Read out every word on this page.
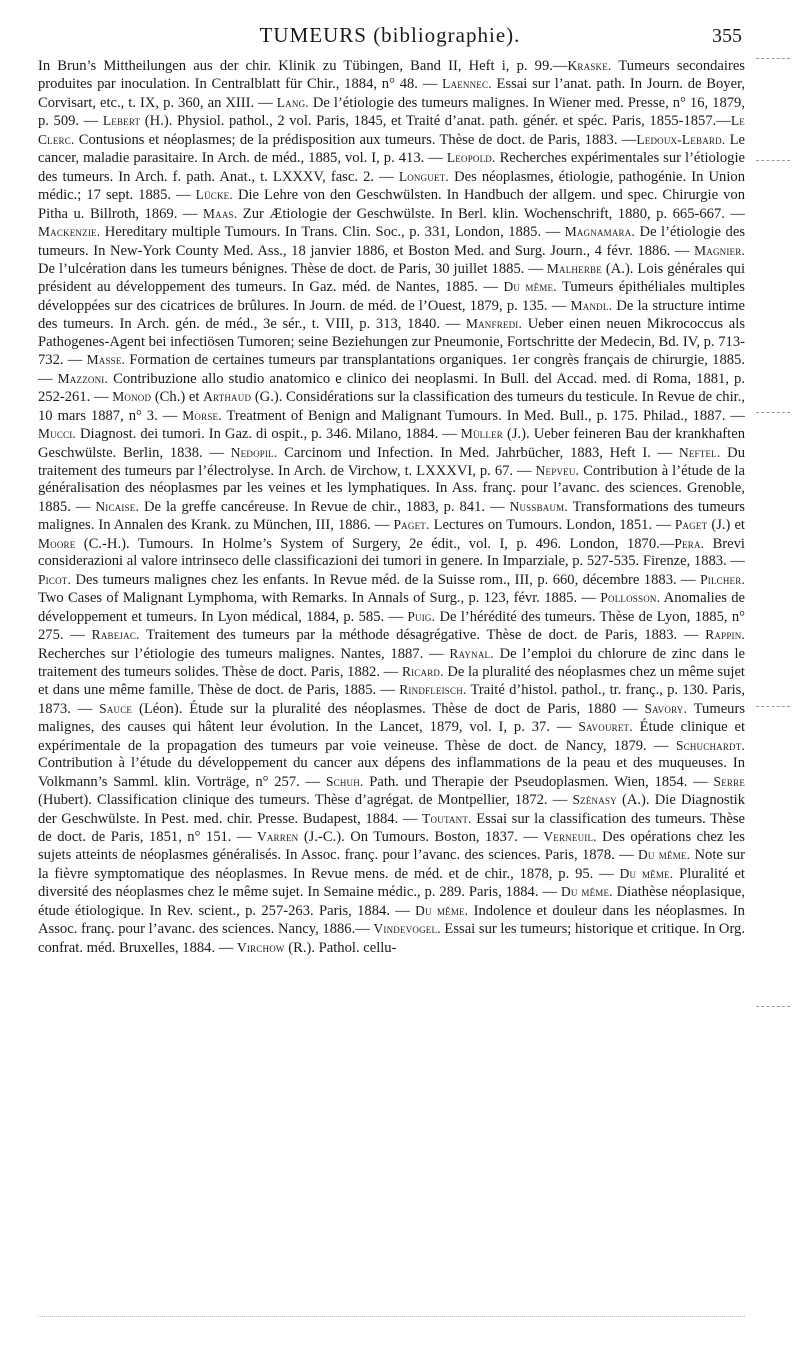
TUMEURS (bibliographie).	355

In Brun’s Mittheilungen aus der chir. Klinik zu Tübingen, Band II, Heft i, p. 99.—Kraske. Tumeurs secondaires produites par inoculation. In Centralblatt für Chir., 1884, n° 48. — Laennec. Essai sur l’anat. path. In Journ. de Boyer, Corvisart, etc., t. IX, p. 360, an XIII. — Lang. De l’étiologie des tumeurs malignes. In Wiener med. Presse, n° 16, 1879, p. 509. — Lebert (H.). Physiol. pathol., 2 vol. Paris, 1845, et Traité d’anat. path. génér. et spéc. Paris, 1855-1857.—Le Clerc. Contusions et néoplasmes; de la prédisposition aux tumeurs. Thèse de doct. de Paris, 1883. —Ledoux-Lebard. Le cancer, maladie parasitaire. In Arch. de méd., 1885, vol. I, p. 413. — Leopold. Recherches expérimentales sur l’étiologie des tumeurs. In Arch. f. path. Anat., t. LXXXV, fasc. 2. — Longuet. Des néoplasmes, étiologie, pathogénie. In Union médic.; 17 sept. 1885. — Lücke. Die Lehre von den Geschwülsten. In Handbuch der allgem. und spec. Chirurgie von Pitha u. Billroth, 1869. — Maas. Zur Ætiologie der Geschwülste. In Berl. klin. Wochenschrift, 1880, p. 665-667. — Mackenzie. Hereditary multiple Tumours. In Trans. Clin. Soc., p. 331, London, 1885. — Magnamara. De l’étiologie des tumeurs. In New-York County Med. Ass., 18 janvier 1886, et Boston Med. and Surg. Journ., 4 févr. 1886. — Magnier. De l’ulcération dans les tumeurs bénignes. Thèse de doct. de Paris, 30 juillet 1885. — Malherbe (A.). Lois générales qui président au développement des tumeurs. In Gaz. méd. de Nantes, 1885. — Du même. Tumeurs épithéliales multiples développées sur des cicatrices de brûlures. In Journ. de méd. de l’Ouest, 1879, p. 135. — Mandl. De la structure intime des tumeurs. In Arch. gén. de méd., 3e sér., t. VIII, p. 313, 1840. — Manfredi. Ueber einen neuen Mikrococcus als Pathogenes-Agent bei infectiösen Tumoren; seine Beziehungen zur Pneumonie, Fortschritte der Medecin, Bd. IV, p. 713-732. — Masse. Formation de certaines tumeurs par transplantations organiques. 1er congrès français de chirurgie, 1885. — Mazzoni. Contribuzione allo studio anatomico e clinico dei neoplasmi. In Bull. del Accad. med. di Roma, 1881, p. 252-261. — Monod (Ch.) et Arthaud (G.). Considérations sur la classification des tumeurs du testicule. In Revue de chir., 10 mars 1887, n° 3. — Morse. Treatment of Benign and Malignant Tumours. In Med. Bull., p. 175. Philad., 1887. — Mucci. Diagnost. dei tumori. In Gaz. di ospit., p. 346. Milano, 1884. — Müller (J.). Ueber feineren Bau der krankhaften Geschwülste. Berlin, 1838. — Nedopil. Carcinom und Infection. In Med. Jahrbücher, 1883, Heft I. — Neftel. Du traitement des tumeurs par l’électrolyse. In Arch. de Virchow, t. LXXXVI, p. 67. — Nepveu. Contribution à l’étude de la généralisation des néoplasmes par les veines et les lymphatiques. In Ass. franç. pour l’avanc. des sciences. Grenoble, 1885. — Nicaise. De la greffe cancéreuse. In Revue de chir., 1883, p. 841. — Nussbaum. Transformations des tumeurs malignes. In Annalen des Krank. zu München, III, 1886. — Paget. Lectures on Tumours. London, 1851. — Paget (J.) et Moore (C.-H.). Tumours. In Holme’s System of Surgery, 2e édit., vol. I, p. 496. London, 1870.—Pera. Brevi considerazioni al valore intrinseco delle classificazioni dei tumori in genere. In Imparziale, p. 527-535. Firenze, 1883. — Picot. Des tumeurs malignes chez les enfants. In Revue méd. de la Suisse rom., III, p. 660, décembre 1883. — Pilcher. Two Cases of Malignant Lymphoma, with Remarks. In Annals of Surg., p. 123, févr. 1885. — Pollosson. Anomalies de développement et tumeurs. In Lyon médical, 1884, p. 585. — Puig. De l’hérédité des tumeurs. Thèse de Lyon, 1885, n° 275. — Rabejac. Traitement des tumeurs par la méthode désagrégative. Thèse de doct. de Paris, 1883. — Rappin. Recherches sur l’étiologie des tumeurs malignes. Nantes, 1887. — Raynal. De l’emploi du chlorure de zinc dans le traitement des tumeurs solides. Thèse de doct. Paris, 1882. — Ricard. De la pluralité des néoplasmes chez un même sujet et dans une même famille. Thèse de doct. de Paris, 1885. — Rindfleisch. Traité d’histol. pathol., tr. franç., p. 130. Paris, 1873. — Sauce (Léon). Étude sur la pluralité des néoplasmes. Thèse de doct de Paris, 1880 — Savory. Tumeurs malignes, des causes qui hâtent leur évolution. In the Lancet, 1879, vol. I, p. 37. — Savouret. Étude clinique et expérimentale de la propagation des tumeurs par voie veineuse. Thèse de doct. de Nancy, 1879. — Schuchardt. Contribution à l’étude du développement du cancer aux dépens des inflammations de la peau et des muqueuses. In Volkmann’s Samml. klin. Vorträge, n° 257. — Schuh. Path. und Therapie der Pseudoplasmen. Wien, 1854. — Serre (Hubert). Classification clinique des tumeurs. Thèse d’agrégat. de Montpellier, 1872. — Szénasy (A.). Die Diagnostik der Geschwülste. In Pest. med. chir. Presse. Budapest, 1884. — Toutant. Essai sur la classification des tumeurs. Thèse de doct. de Paris, 1851, n° 151. — Varren (J.-C.). On Tumours. Boston, 1837. — Verneuil. Des opérations chez les sujets atteints de néoplasmes généralisés. In Assoc. franç. pour l’avanc. des sciences. Paris, 1878. — Du même. Note sur la fièvre symptomatique des néoplasmes. In Revue mens. de méd. et de chir., 1878, p. 95. — Du même. Pluralité et diversité des néoplasmes chez le même sujet. In Semaine médic., p. 289. Paris, 1884. — Du même. Diathèse néoplasique, étude étiologique. In Rev. scient., p. 257-263. Paris, 1884. — Du même. Indolence et douleur dans les néoplasmes. In Assoc. franç. pour l’avanc. des sciences. Nancy, 1886.— Vindevogel. Essai sur les tumeurs; historique et critique. In Org. confrat. méd. Bruxelles, 1884. — Virchow (R.). Pathol. cellu-
